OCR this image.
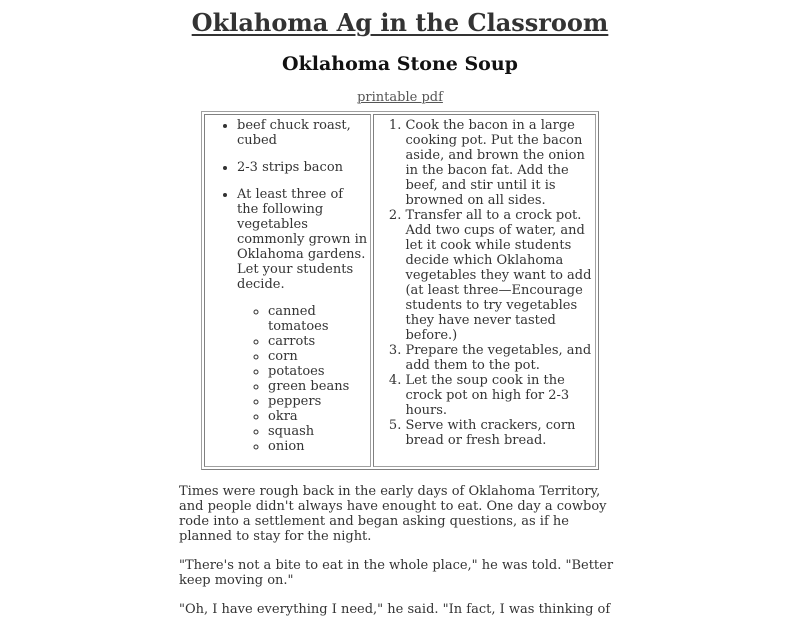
Oklahoma Ag in the Classroom
Oklahoma Stone Soup
printable pdf
• beef chuck roast, cubed
• 2-3 strips bacon
• At least three of the following vegetables commonly grown in Oklahoma gardens. Let your students decide.
◦ canned tomatoes
◦ carrots
◦ corn
◦ potatoes
◦ green beans
◦ peppers
◦ okra
◦ squash
◦ onion

1. Cook the bacon in a large cooking pot. Put the bacon aside, and brown the onion in the bacon fat. Add the beef, and stir until it is browned on all sides.
2. Transfer all to a crock pot. Add two cups of water, and let it cook while students decide which Oklahoma vegetables they want to add (at least three—Encourage students to try vegetables they have never tasted before.)
3. Prepare the vegetables, and add them to the pot.
4. Let the soup cook in the crock pot on high for 2-3 hours.
5. Serve with crackers, corn bread or fresh bread.

Times were rough back in the early days of Oklahoma Territory, and people didn't always have enought to eat. One day a cowboy rode into a settlement and began asking questions, as if he planned to stay for the night.

"There's not a bite to eat in the whole place," he was told. "Better keep moving on."

"Oh, I have everything I need," he said. "In fact, I was thinking of
